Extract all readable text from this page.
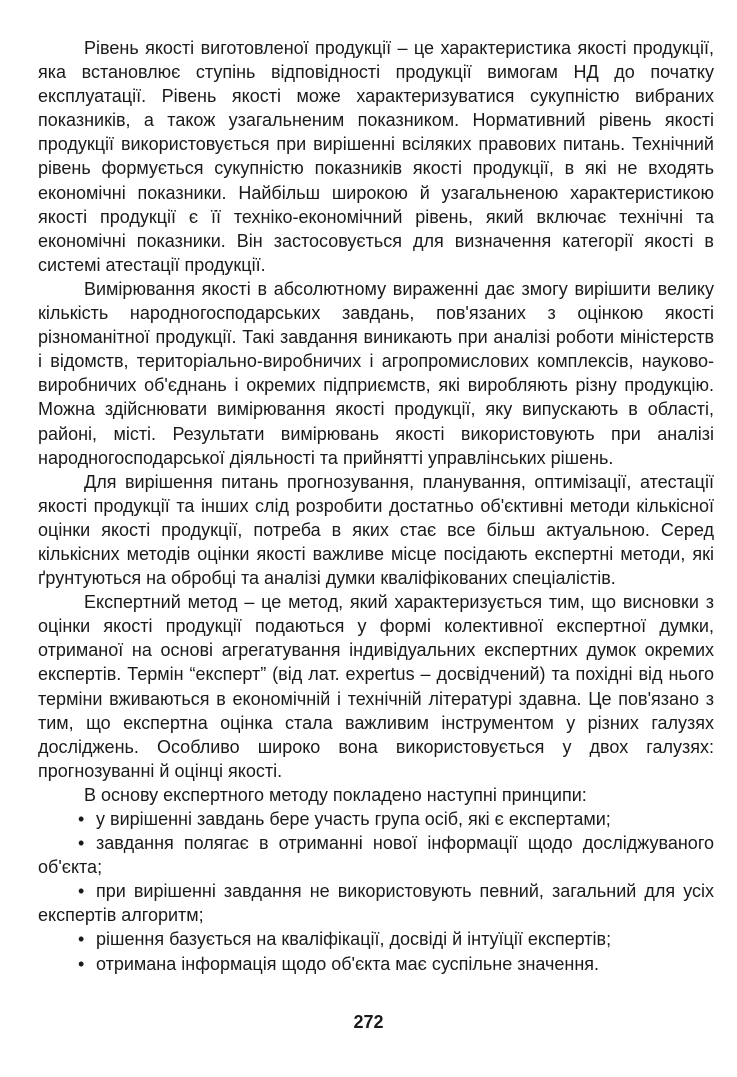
Рівень якості виготовленої продукції – це характеристика якості продукції, яка встановлює ступінь відповідності продукції вимогам НД до початку експлуатації. Рівень якості може характеризуватися сукупністю вибраних показників, а також узагальненим показником. Нормативний рівень якості продукції використовується при вирішенні всіляких правових питань. Технічний рівень формується сукупністю показників якості продукції, в які не входять економічні показники. Найбільш широкою й узагальненою характеристикою якості продукції є її техніко-економічний рівень, який включає технічні та економічні показники. Він застосовується для визначення категорії якості в системі атестації продукції.

Вимірювання якості в абсолютному вираженні дає змогу вирішити велику кількість народногосподарських завдань, пов'язаних з оцінкою якості різноманітної продукції. Такі завдання виникають при аналізі роботи міністерств і відомств, територіально-виробничих і агропромислових комплексів, науково-виробничих об'єднань і окремих підприємств, які виробляють різну продукцію. Можна здійснювати вимірювання якості продукції, яку випускають в області, районі, місті. Результати вимірювань якості використовують при аналізі народногосподарської діяльності та прийнятті управлінських рішень.

Для вирішення питань прогнозування, планування, оптимізації, атестації якості продукції та інших слід розробити достатньо об'єктивні методи кількісної оцінки якості продукції, потреба в яких стає все більш актуальною. Серед кількісних методів оцінки якості важливе місце посідають експертні методи, які ґрунтуються на обробці та аналізі думки кваліфікованих спеціалістів.

Експертний метод – це метод, який характеризується тим, що висновки з оцінки якості продукції подаються у формі колективної експертної думки, отриманої на основі агрегатування індивідуальних експертних думок окремих експертів. Термін “експерт” (від лат. expertus – досвідчений) та похідні від нього терміни вживаються в економічній і технічній літературі здавна. Це пов'язано з тим, що експертна оцінка стала важливим інструментом у різних галузях досліджень. Особливо широко вона використовується у двох галузях: прогнозуванні й оцінці якості.

В основу експертного методу покладено наступні принципи:

• у вирішенні завдань бере участь група осіб, які є експертами;

• завдання полягає в отриманні нової інформації щодо досліджуваного об'єкта;

• при вирішенні завдання не використовують певний, загальний для усіх експертів алгоритм;

• рішення базується на кваліфікації, досвіді й інтуїції експертів;

• отримана інформація щодо об'єкта має суспільне значення.

272
